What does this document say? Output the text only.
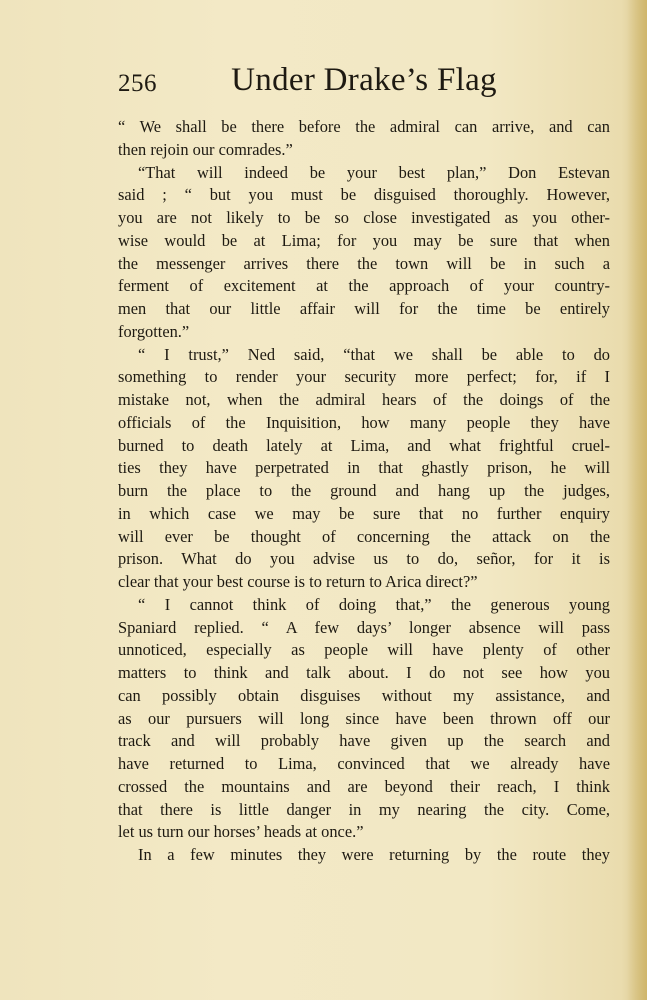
256	Under Drake’s Flag
“ We shall be there before the admiral can arrive, and can
then rejoin our comrades.”
“That will indeed be your best plan,” Don Estevan
said ; “ but you must be disguised thoroughly. However,
you are not likely to be so close investigated as you other-
wise would be at Lima; for you may be sure that when
the messenger arrives there the town will be in such a
ferment of excitement at the approach of your country-
men that our little affair will for the time be entirely
forgotten.”
“ I trust,” Ned said, “that we shall be able to do
something to render your security more perfect; for, if I
mistake not, when the admiral hears of the doings of the
officials of the Inquisition, how many people they have
burned to death lately at Lima, and what frightful cruel-
ties they have perpetrated in that ghastly prison, he will
burn the place to the ground and hang up the judges,
in which case we may be sure that no further enquiry
will ever be thought of concerning the attack on the
prison. What do you advise us to do, señor, for it is
clear that your best course is to return to Arica direct?”
“ I cannot think of doing that,” the generous young
Spaniard replied. “ A few days’ longer absence will pass
unnoticed, especially as people will have plenty of other
matters to think and talk about. I do not see how you
can possibly obtain disguises without my assistance, and
as our pursuers will long since have been thrown off our
track and will probably have given up the search and
have returned to Lima, convinced that we already have
crossed the mountains and are beyond their reach, I think
that there is little danger in my nearing the city. Come,
let us turn our horses’ heads at once.”
In a few minutes they were returning by the route they
